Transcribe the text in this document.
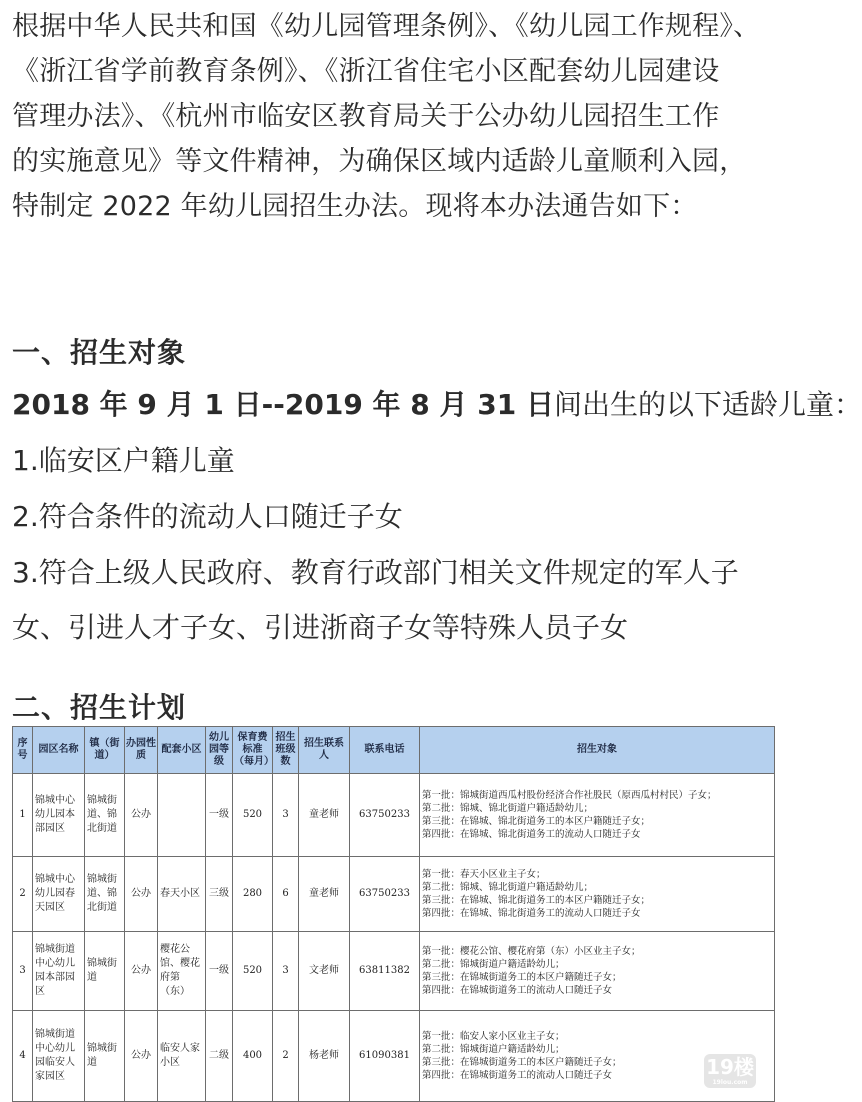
根据中华人民共和国《幼儿园管理条例》、《幼儿园工作规程》、
《浙江省学前教育条例》、《浙江省住宅小区配套幼儿园建设
管理办法》、《杭州市临安区教育局关于公办幼儿园招生工作
的实施意见》等文件精神，为确保区域内适龄儿童顺利入园，
特制定 2022 年幼儿园招生办法。现将本办法通告如下：
一、招生对象
2018 年 9 月 1 日--2019 年 8 月 31 日间出生的以下适龄儿童：
1.临安区户籍儿童
2.符合条件的流动人口随迁子女
3.符合上级人民政府、教育行政部门相关文件规定的军人子
女、引进人才子女、引进浙商子女等特殊人员子女
二、招生计划
序号	园区名称	镇（街道）	办园性质	配套小区	幼儿园等级	保育费标准（每月）	招生班级数	招生联系人	联系电话	招生对象
1	锦城中心幼儿园本部园区	锦城街道、锦北街道	公办		一级	520	3	童老师	63750233	第一批：锦城街道西瓜村股份经济合作社股民（原西瓜村村民）子女；
第二批：锦城、锦北街道户籍适龄幼儿；
第三批：在锦城、锦北街道务工的本区户籍随迁子女；
第四批：在锦城、锦北街道务工的流动人口随迁子女

2	锦城中心幼儿园春天园区	锦城街道、锦北街道	公办	春天小区	三级	280	6	童老师	63750233	第一批：春天小区业主子女；
第二批：锦城、锦北街道户籍适龄幼儿；
第三批：在锦城、锦北街道务工的本区户籍随迁子女；
第四批：在锦城、锦北街道务工的流动人口随迁子女

3	锦城街道中心幼儿园本部园区	锦城街道	公办	樱花公馆、樱花府第（东）	一级	520	3	文老师	63811382	第一批：樱花公馆、樱花府第（东）小区业主子女；
第二批：锦城街道户籍适龄幼儿；
第三批：在锦城街道务工的本区户籍随迁子女；
第四批：在锦城街道务工的流动人口随迁子女

4	锦城街道中心幼儿园临安人家园区	锦城街道	公办	临安人家小区	二级	400	2	杨老师	61090381	第一批：临安人家小区业主子女；
第二批：锦城街道户籍适龄幼儿；
第三批：在锦城街道务工的本区户籍随迁子女；
第四批：在锦城街道务工的流动人口随迁子女	19楼
19lou.com
